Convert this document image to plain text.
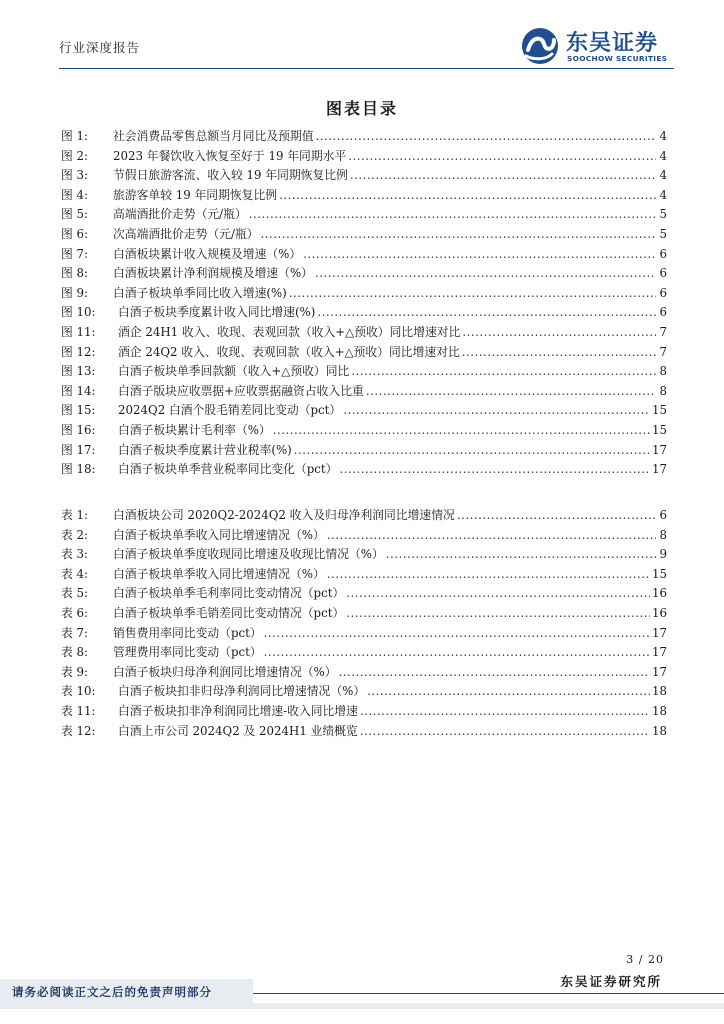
行业深度报告	东吴证券
SOOCHOW SECURITIES
图表目录
图 1:	社会消费品零售总额当月同比及预期值 .....	4
图 2:	2023 年餐饮收入恢复至好于 19 年同期水平 .....	4
图 3:	节假日旅游客流、收入较 19 年同期恢复比例 .....	4
图 4:	旅游客单较 19 年同期恢复比例 .....	4
图 5:	高端酒批价走势（元/瓶） .....	5
图 6:	次高端酒批价走势（元/瓶） .....	5
图 7:	白酒板块累计收入规模及增速（%） .....	6
图 8:	白酒板块累计净利润规模及增速（%） .....	6
图 9:	白酒子板块单季同比收入增速(%) .....	6
图 10:	白酒子板块季度累计收入同比增速(%) .....	6
图 11:	酒企 24H1 收入、收现、表观回款（收入+△预收）同比增速对比 .....	7
图 12:	酒企 24Q2 收入、收现、表观回款（收入+△预收）同比增速对比 .....	7
图 13:	白酒子板块单季回款额（收入+△预收）同比 .....	8
图 14:	白酒子版块应收票据+应收票据融资占收入比重 .....	8
图 15:	2024Q2 白酒个股毛销差同比变动（pct） .....	15
图 16:	白酒子板块累计毛利率（%） .....	15
图 17:	白酒子板块季度累计营业税率(%) .....	17
图 18:	白酒子板块单季营业税率同比变化（pct） .....	17
表 1:	白酒板块公司 2020Q2-2024Q2 收入及归母净利润同比增速情况 .....	6
表 2:	白酒子板块单季收入同比增速情况（%） .....	8
表 3:	白酒子板块单季度收现同比增速及收现比情况（%） .....	9
表 4:	白酒子板块单季收入同比增速情况（%） .....	15
表 5:	白酒子板块单季毛利率同比变动情况（pct） .....	16
表 6:	白酒子板块单季毛销差同比变动情况（pct） .....	16
表 7:	销售费用率同比变动（pct） .....	17
表 8:	管理费用率同比变动（pct） .....	17
表 9:	白酒子板块归母净利润同比增速情况（%） .....	17
表 10:	白酒子板块扣非归母净利润同比增速情况（%） .....	18
表 11:	白酒子板块扣非净利润同比增速-收入同比增速 .....	18
表 12:	白酒上市公司 2024Q2 及 2024H1 业绩概览 .....	18
3 / 20
请务必阅读正文之后的免责声明部分
东吴证券研究所
